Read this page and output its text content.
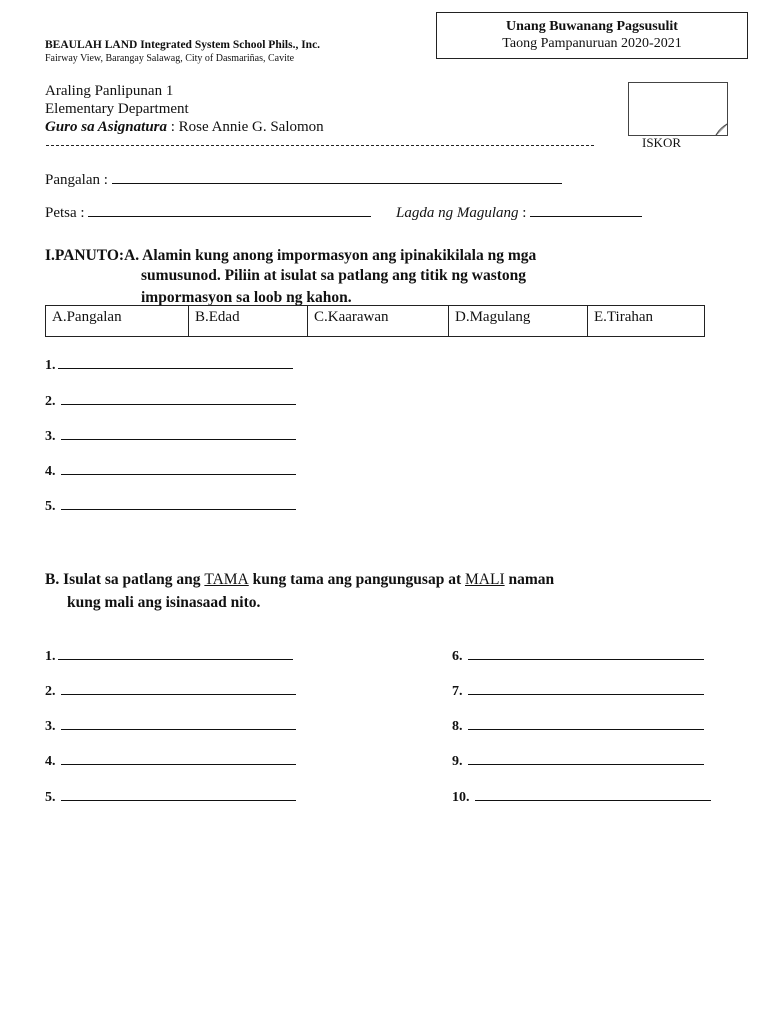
Unang Buwanang Pagsusulit
Taong Pampanuruan 2020-2021
BEAULAH LAND Integrated System School Phils., Inc.
Fairway View, Barangay Salawag, City of Dasmariñas, Cavite
Araling Panlipunan 1
Elementary Department
Guro sa Asignatura : Rose Annie G. Salomon
ISKOR
Pangalan :
Petsa :	Lagda ng Magulang :
I.PANUTO:A. Alamin kung anong impormasyon ang ipinakikilala ng mga
sumusunod. Piliin at isulat sa patlang ang titik ng wastong
impormasyon sa loob ng kahon.
A.Pangalan	B.Edad	C.Kaarawan	D.Magulang	E.Tirahan
1.
2.
3.
4.
5.
B. Isulat sa patlang ang TAMA kung tama ang pangungusap at MALI naman
kung mali ang isinasaad nito.
1.
2.
3.
4.
5.
6.
7.
8.
9.
10.
